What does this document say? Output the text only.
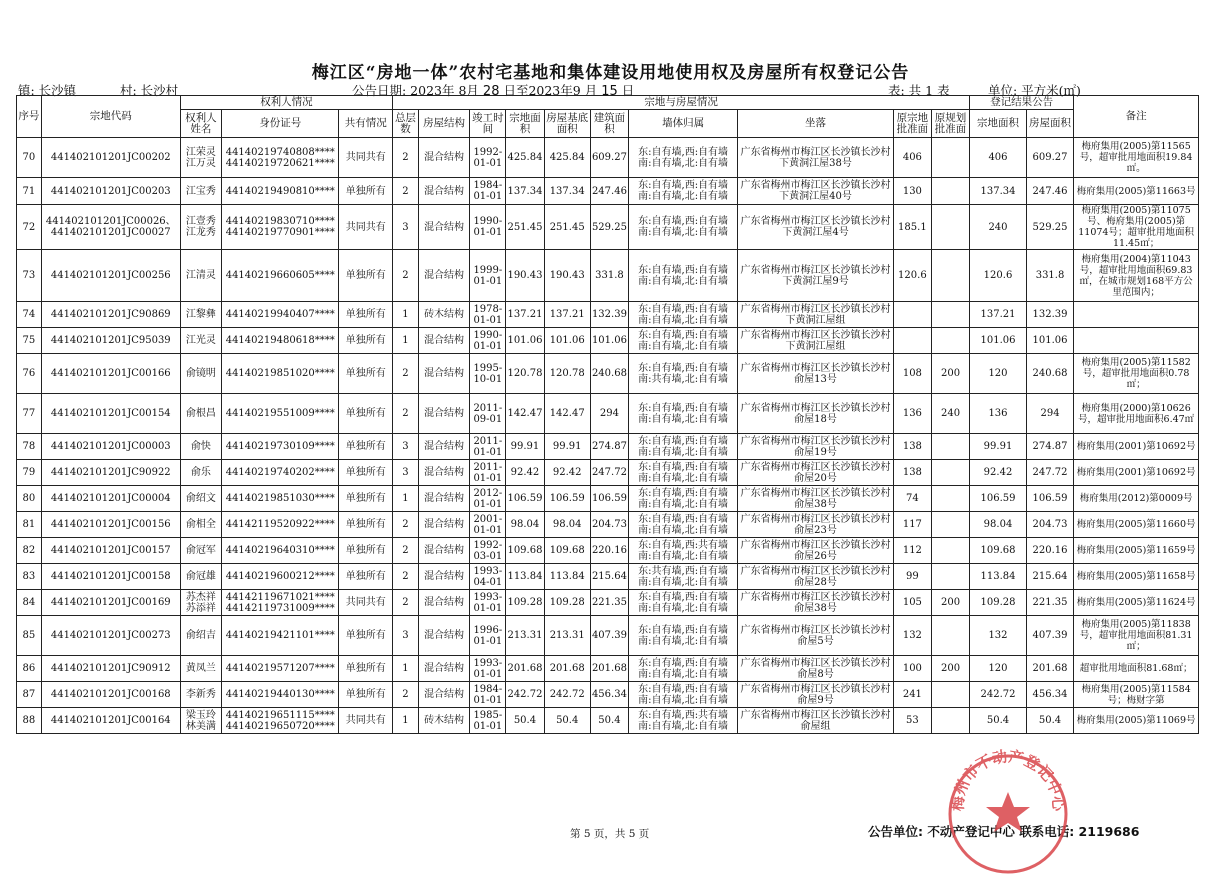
梅江区“房地一体”农村宅基地和集体建设用地使用权及房屋所有权登记公告
镇: 长沙镇	村: 长沙村	公告日期: 2023年 8月 28 日至2023年9 月 15 日	表: 共 1 表	单位: 平方米(㎡)
序号	宗地代码	权利人情况			宗地与房屋情况										登记结果公告		备注
		权利人姓名	身份证号	共有情况	总层数	房屋结构	竣工时间	宗地面积	房屋基底面积	建筑面积	墙体归属	坐落	原宗地批准面	原规划批准面	宗地面积	房屋面积	
70	441402101201JC00202	江荣灵 江万灵	44140219740808**** 44140219720621****	共同共有	2	混合结构	1992-01-01	425.84	425.84	609.27	东:自有墙,西:自有墙 南:自有墙,北:自有墙	广东省梅州市梅江区长沙镇长沙村下黄洞江屋38号	406		406	609.27	梅府集用(2005)第11565号，超审批用地面积19.84㎡。
71	441402101201JC00203	江宝秀	44140219490810****	单独所有	2	混合结构	1984-01-01	137.34	137.34	247.46	东:自有墙,西:自有墙 南:自有墙,北:自有墙	广东省梅州市梅江区长沙镇长沙村下黄洞江屋40号	130		137.34	247.46	梅府集用(2005)第11663号
72	441402101201JC00026、441402101201JC00027	江壹秀 江龙秀	44140219830710**** 44140219770901****	共同共有	3	混合结构	1990-01-01	251.45	251.45	529.25	东:自有墙,西:自有墙 南:自有墙,北:自有墙	广东省梅州市梅江区长沙镇长沙村下黄洞江屋4号	185.1		240	529.25	梅府集用(2005)第11075号、梅府集用(2005)第11074号；超审批用地面积11.45㎡；
73	441402101201JC00256	江清灵	44140219660605****	单独所有	2	混合结构	1999-01-01	190.43	190.43	331.8	东:自有墙,西:自有墙 南:自有墙,北:自有墙	广东省梅州市梅江区长沙镇长沙村下黄洞江屋9号	120.6		120.6	331.8	梅府集用(2004)第11043号，超审批用地面积69.83㎡，在城市规划168平方公里范围内；
74	441402101201JC90869	江黎彝	44140219940407****	单独所有	1	砖木结构	1978-01-01	137.21	137.21	132.39	东:自有墙,西:自有墙 南:自有墙,北:自有墙	广东省梅州市梅江区长沙镇长沙村下黄洞江屋组			137.21	132.39	
75	441402101201JC95039	江光灵	44140219480618****	单独所有	1	混合结构	1990-01-01	101.06	101.06	101.06	东:自有墙,西:自有墙 南:自有墙,北:自有墙	广东省梅州市梅江区长沙镇长沙村下黄洞江屋组			101.06	101.06	
76	441402101201JC00166	俞镜明	44140219851020****	单独所有	2	混合结构	1995-10-01	120.78	120.78	240.68	东:自有墙,西:自有墙 南:共有墙,北:自有墙	广东省梅州市梅江区长沙镇长沙村俞屋13号	108	200	120	240.68	梅府集用(2005)第11582号，超审批用地面积0.78㎡；
77	441402101201JC00154	俞根昌	44140219551009****	单独所有	2	混合结构	2011-09-01	142.47	142.47	294	东:自有墙,西:自有墙 南:自有墙,北:自有墙	广东省梅州市梅江区长沙镇长沙村俞屋18号	136	240	136	294	梅府集用(2000)第10626号，超审批用地面积6.47㎡
78	441402101201JC00003	俞快	44140219730109****	单独所有	3	混合结构	2011-01-01	99.91	99.91	274.87	东:自有墙,西:自有墙 南:自有墙,北:自有墙	广东省梅州市梅江区长沙镇长沙村俞屋19号	138		99.91	274.87	梅府集用(2001)第10692号
79	441402101201JC90922	俞乐	44140219740202****	单独所有	3	混合结构	2011-01-01	92.42	92.42	247.72	东:自有墙,西:自有墙 南:自有墙,北:自有墙	广东省梅州市梅江区长沙镇长沙村俞屋20号	138		92.42	247.72	梅府集用(2001)第10692号
80	441402101201JC00004	俞绍文	44140219851030****	单独所有	1	混合结构	2012-01-01	106.59	106.59	106.59	东:自有墙,西:自有墙 南:自有墙,北:自有墙	广东省梅州市梅江区长沙镇长沙村俞屋38号	74		106.59	106.59	梅府集用(2012)第0009号
81	441402101201JC00156	俞相全	44142119520922****	单独所有	2	混合结构	2001-01-01	98.04	98.04	204.73	东:自有墙,西:自有墙 南:自有墙,北:自有墙	广东省梅州市梅江区长沙镇长沙村俞屋23号	117		98.04	204.73	梅府集用(2005)第11660号
82	441402101201JC00157	俞冠军	44140219640310****	单独所有	2	混合结构	1992-03-01	109.68	109.68	220.16	东:自有墙,西:共有墙 南:自有墙,北:自有墙	广东省梅州市梅江区长沙镇长沙村俞屋26号	112		109.68	220.16	梅府集用(2005)第11659号
83	441402101201JC00158	俞冠雄	44140219600212****	单独所有	2	混合结构	1993-04-01	113.84	113.84	215.64	东:共有墙,西:自有墙 南:自有墙,北:自有墙	广东省梅州市梅江区长沙镇长沙村俞屋28号	99		113.84	215.64	梅府集用(2005)第11658号
84	441402101201JC00169	苏杰祥 苏添祥	44142119671021**** 44142119731009****	共同共有	2	混合结构	1993-01-01	109.28	109.28	221.35	东:自有墙,西:自有墙 南:自有墙,北:自有墙	广东省梅州市梅江区长沙镇长沙村俞屋38号	105	200	109.28	221.35	梅府集用(2005)第11624号
85	441402101201JC00273	俞绍吉	44140219421101****	单独所有	3	混合结构	1996-01-01	213.31	213.31	407.39	东:自有墙,西:自有墙 南:自有墙,北:自有墙	广东省梅州市梅江区长沙镇长沙村俞屋5号	132		132	407.39	梅府集用(2005)第11838号，超审批用地面积81.31㎡；
86	441402101201JC90912	黄凤兰	44140219571207****	单独所有	1	混合结构	1993-01-01	201.68	201.68	201.68	东:自有墙,西:自有墙 南:自有墙,北:自有墙	广东省梅州市梅江区长沙镇长沙村俞屋8号	100	200	120	201.68	超审批用地面积81.68㎡；
87	441402101201JC00168	李新秀	44140219440130****	单独所有	2	混合结构	1984-01-01	242.72	242.72	456.34	东:自有墙,西:自有墙 南:自有墙,北:自有墙	广东省梅州市梅江区长沙镇长沙村俞屋9号	241		242.72	456.34	梅府集用(2005)第11584号；梅财字第
88	441402101201JC00164	梁玉玲 林美满	44140219651115**** 44140219650720****	共同共有	1	砖木结构	1985-01-01	50.4	50.4	50.4	东:自有墙,西:共有墙 南:自有墙,北:自有墙	广东省梅州市梅江区长沙镇长沙村俞屋组	53		50.4	50.4	梅府集用(2005)第11069号
第 5 页，共 5 页	公告单位: 不动产登记中心 联系电话: 2119686
梅州市不动产登记中心
